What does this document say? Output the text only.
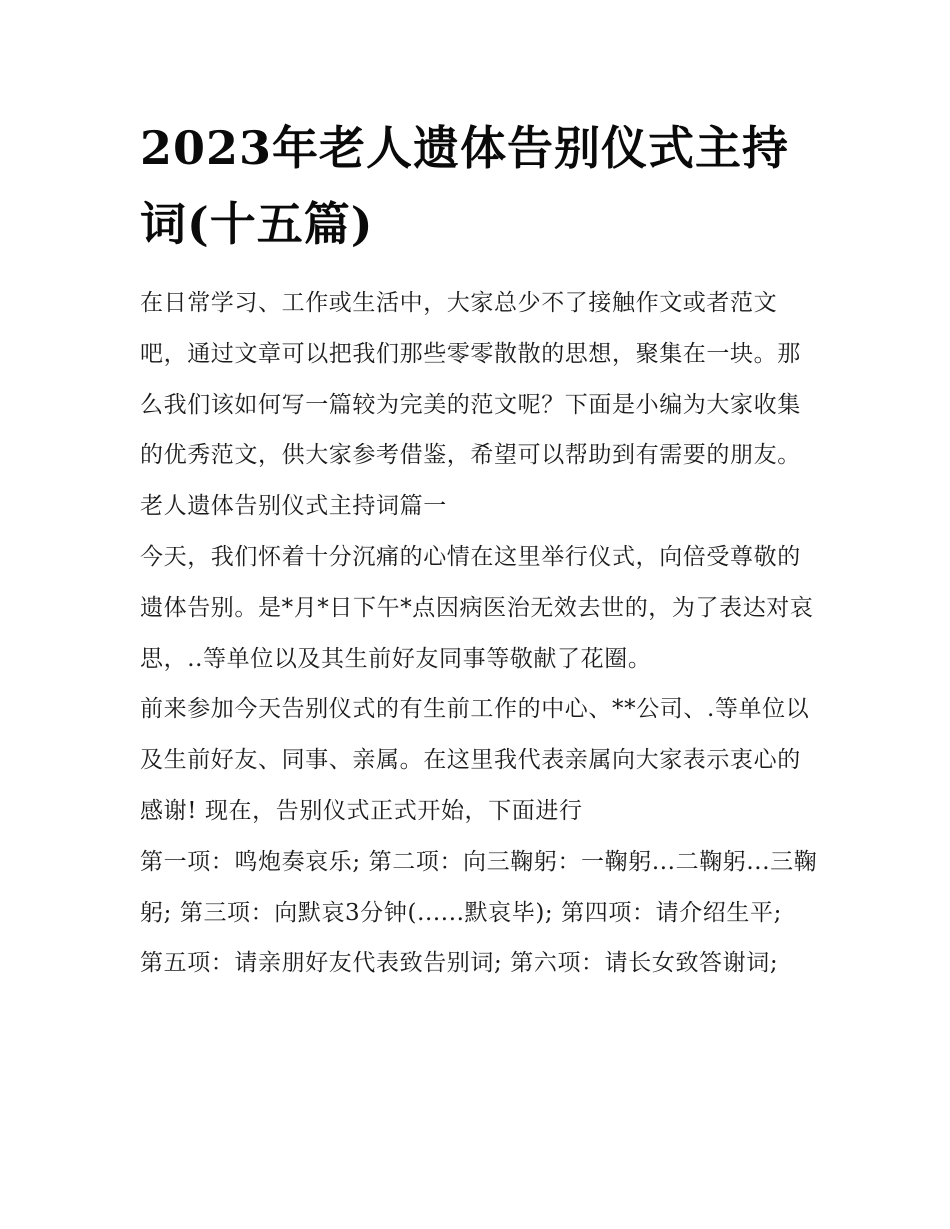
2023年老人遗体告别仪式主持词(十五篇)

在日常学习、工作或生活中，大家总少不了接触作文或者范文吧，通过文章可以把我们那些零零散散的思想，聚集在一块。那么我们该如何写一篇较为完美的范文呢？下面是小编为大家收集的优秀范文，供大家参考借鉴，希望可以帮助到有需要的朋友。

老人遗体告别仪式主持词篇一

今天，我们怀着十分沉痛的心情在这里举行仪式，向倍受尊敬的遗体告别。是*月*日下午*点因病医治无效去世的，为了表达对哀思，..等单位以及其生前好友同事等敬献了花圈。

前来参加今天告别仪式的有生前工作的中心、**公司、.等单位以及生前好友、同事、亲属。在这里我代表亲属向大家表示衷心的感谢! 现在，告别仪式正式开始，下面进行

第一项：鸣炮奏哀乐; 第二项：向三鞠躬：一鞠躬...二鞠躬...三鞠躬; 第三项：向默哀3分钟(......默哀毕); 第四项：请介绍生平;

第五项：请亲朋好友代表致告别词; 第六项：请长女致答谢词;
